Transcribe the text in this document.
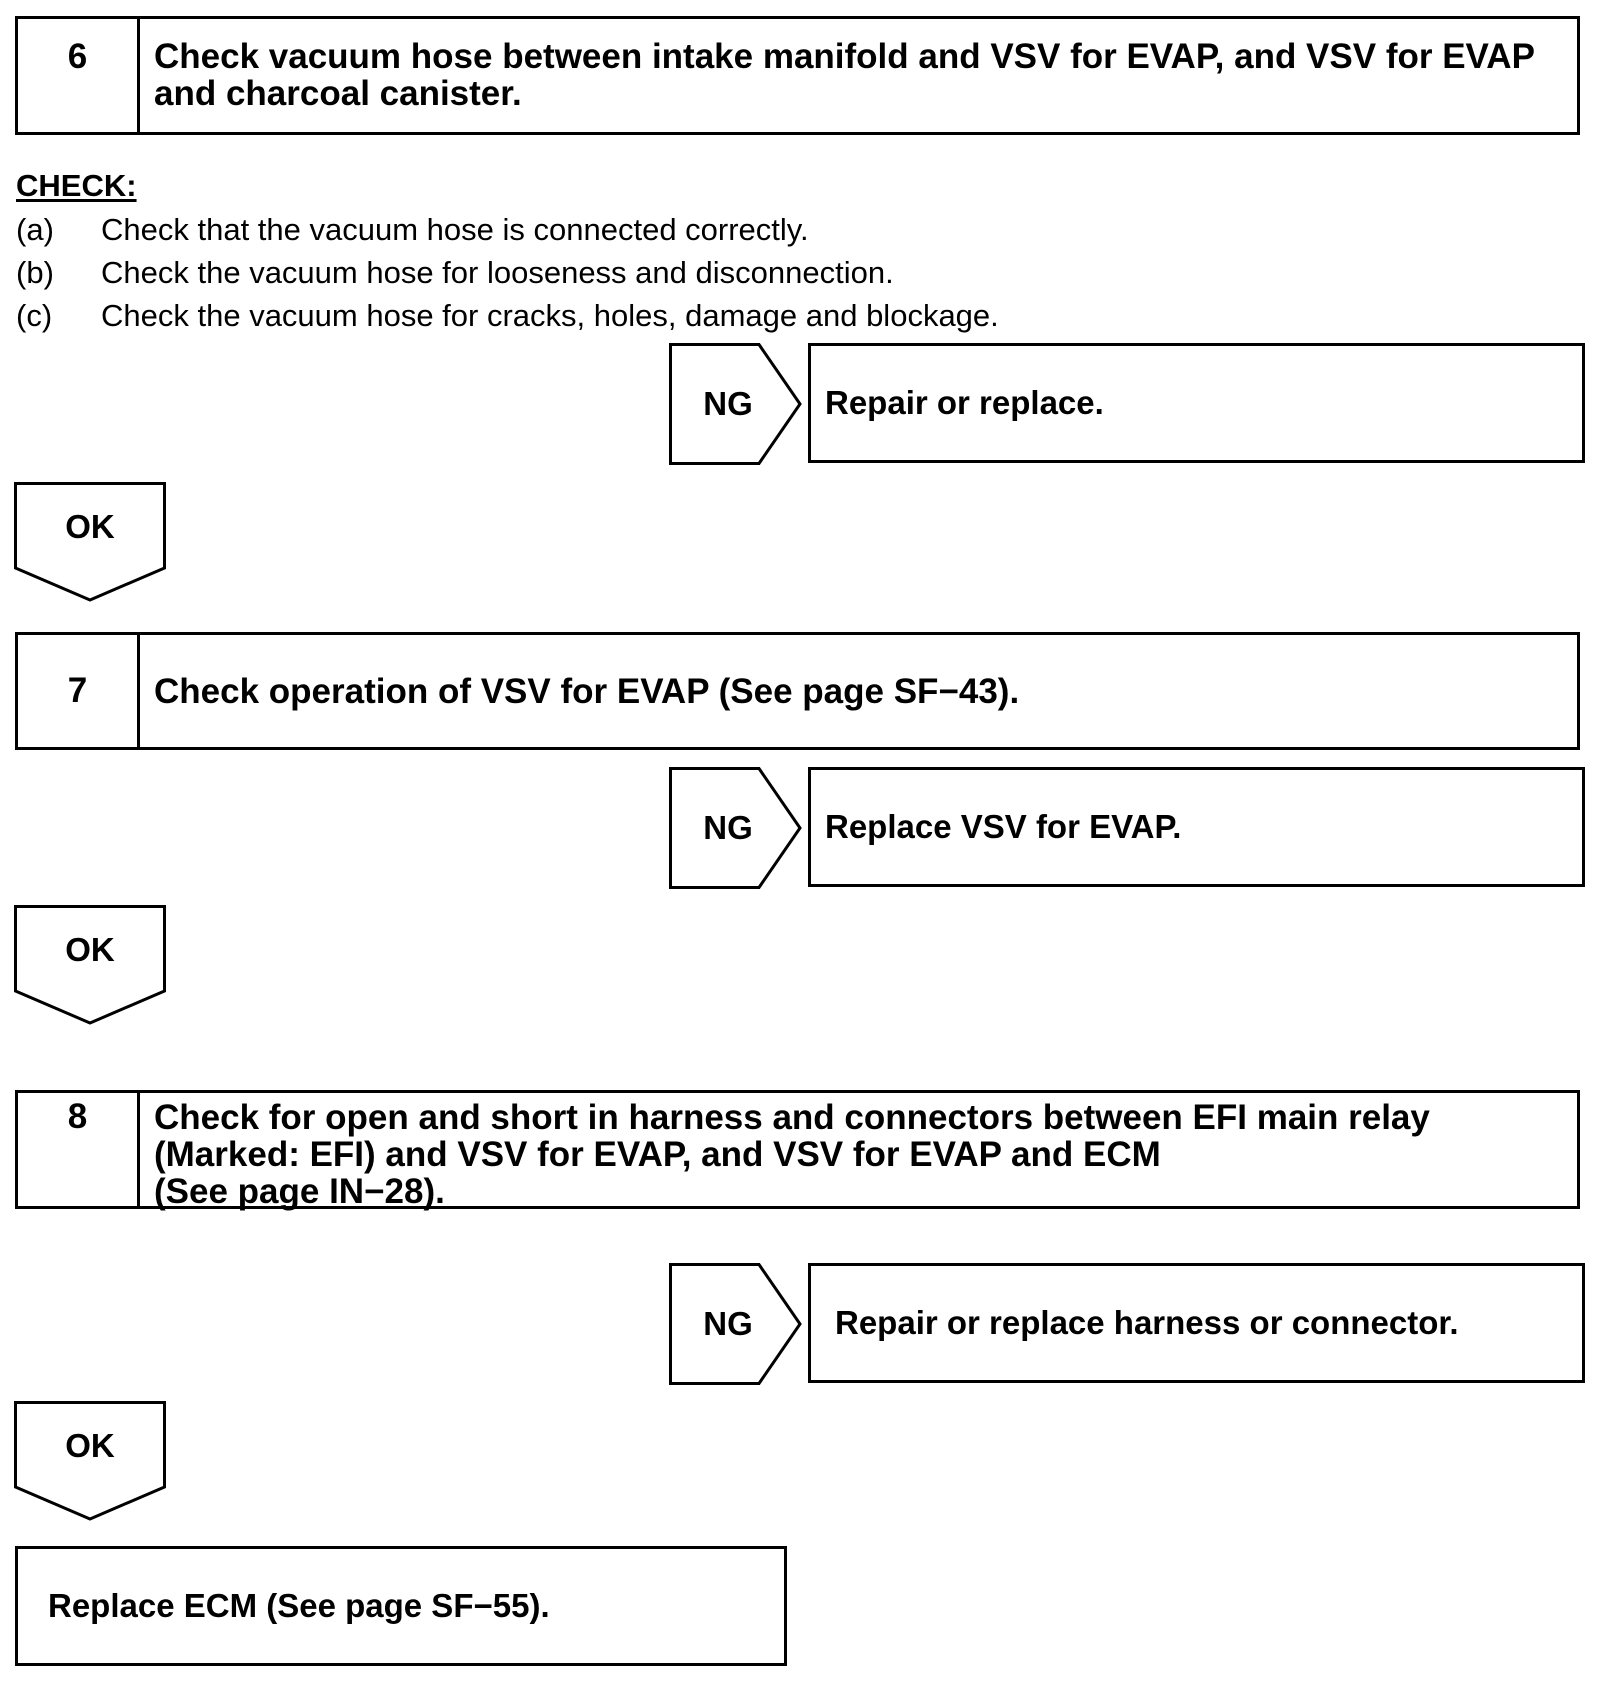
6	Check vacuum hose between intake manifold and VSV for EVAP, and VSV for EVAP and charcoal canister.
CHECK:
(a) Check that the vacuum hose is connected correctly.
(b) Check the vacuum hose for looseness and disconnection.
(c) Check the vacuum hose for cracks, holes, damage and blockage.
NG	Repair or replace.
OK
7	Check operation of VSV for EVAP (See page SF−43).
NG	Replace VSV for EVAP.
OK
8	Check for open and short in harness and connectors between EFI main relay
(Marked: EFI) and VSV for EVAP, and VSV for EVAP and ECM
(See page IN−28).
NG	Repair or replace harness or connector.
OK
Replace ECM (See page SF−55).
